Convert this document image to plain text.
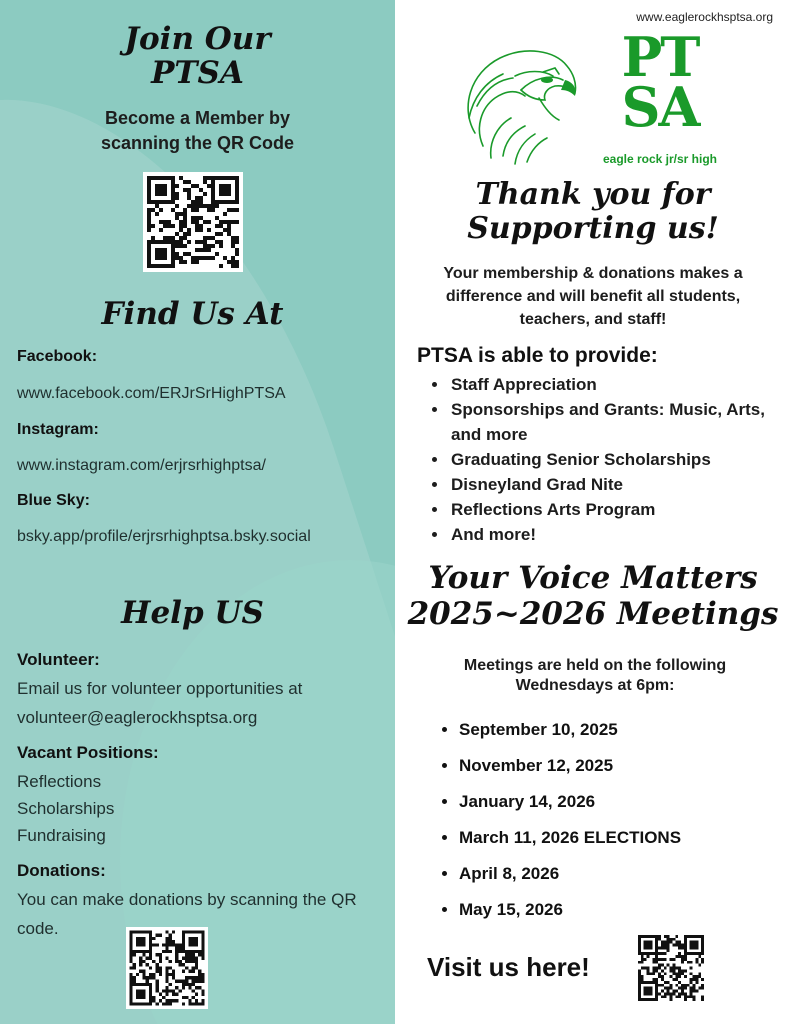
Join Our
PTSA
Become a Member by scanning the QR Code
Find Us At
Facebook:
www.facebook.com/ERJrSrHighPTSA
Instagram:
www.instagram.com/erjrsrhighptsa/
Blue Sky:
bsky.app/profile/erjrsrhighptsa.bsky.social
Help US
Volunteer:
Email us for volunteer opportunities at
volunteer@eaglerockhsptsa.org
Vacant Positions:
Reflections
Scholarships
Fundraising
Donations:
You can make donations by scanning the QR
code.
www.eaglerockhsptsa.org
PTSA
eagle rock jr/sr high
Thank you for
Supporting us!
Your membership & donations makes a difference and will benefit all students, teachers, and staff!
PTSA is able to provide:
• Staff Appreciation
• Sponsorships and Grants: Music, Arts, and more
• Graduating Senior Scholarships
• Disneyland Grad Nite
• Reflections Arts Program
• And more!
Your Voice Matters
2025~2026 Meetings
Meetings are held on the following Wednesdays at 6pm:
• September 10, 2025
• November 12, 2025
• January 14, 2026
• March 11, 2026 ELECTIONS
• April 8, 2026
• May 15, 2026
Visit us here!
